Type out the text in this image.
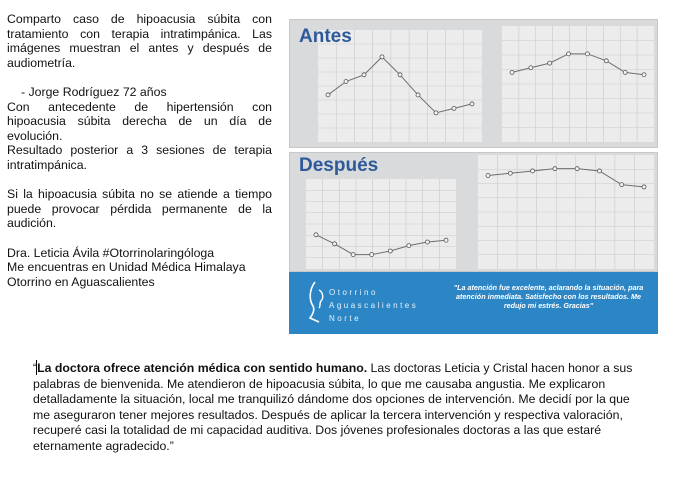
Comparto caso de hipoacusia súbita con tratamiento con terapia intratimpánica. Las imágenes muestran el antes y después de audiometría.

- Jorge Rodríguez 72 años

Con antecedente de hipertensión con hipoacusia súbita derecha de un día de evolución.

Resultado posterior a 3 sesiones de terapia intratimpánica.

Si la hipoacusia súbita no se atiende a tiempo puede provocar pérdida permanente de la audición.

Dra. Leticia Ávila #Otorrinolaringóloga

Me encuentras en Unidad Médica Himalaya

Otorrino en Aguascalientes

Antes
Después
Otorrino
Aguascalientes
Norte
"La atención fue excelente, aclarando la situación, para atención inmediata. Satisfecho con los resultados. Me redujo mi estrés. Gracias"
“La doctora ofrece atención médica con sentido humano. Las doctoras Leticia y Cristal hacen honor a sus palabras de bienvenida. Me atendieron de hipoacusia súbita, lo que me causaba angustia. Me explicaron detalladamente la situación, local me tranquilizó dándome dos opciones de intervención. Me decidí por la que me aseguraron tener mejores resultados. Después de aplicar la tercera intervención y respectiva valoración, recuperé casi la totalidad de mi capacidad auditiva. Dos jóvenes profesionales doctoras a las que estaré eternamente agradecido.”
